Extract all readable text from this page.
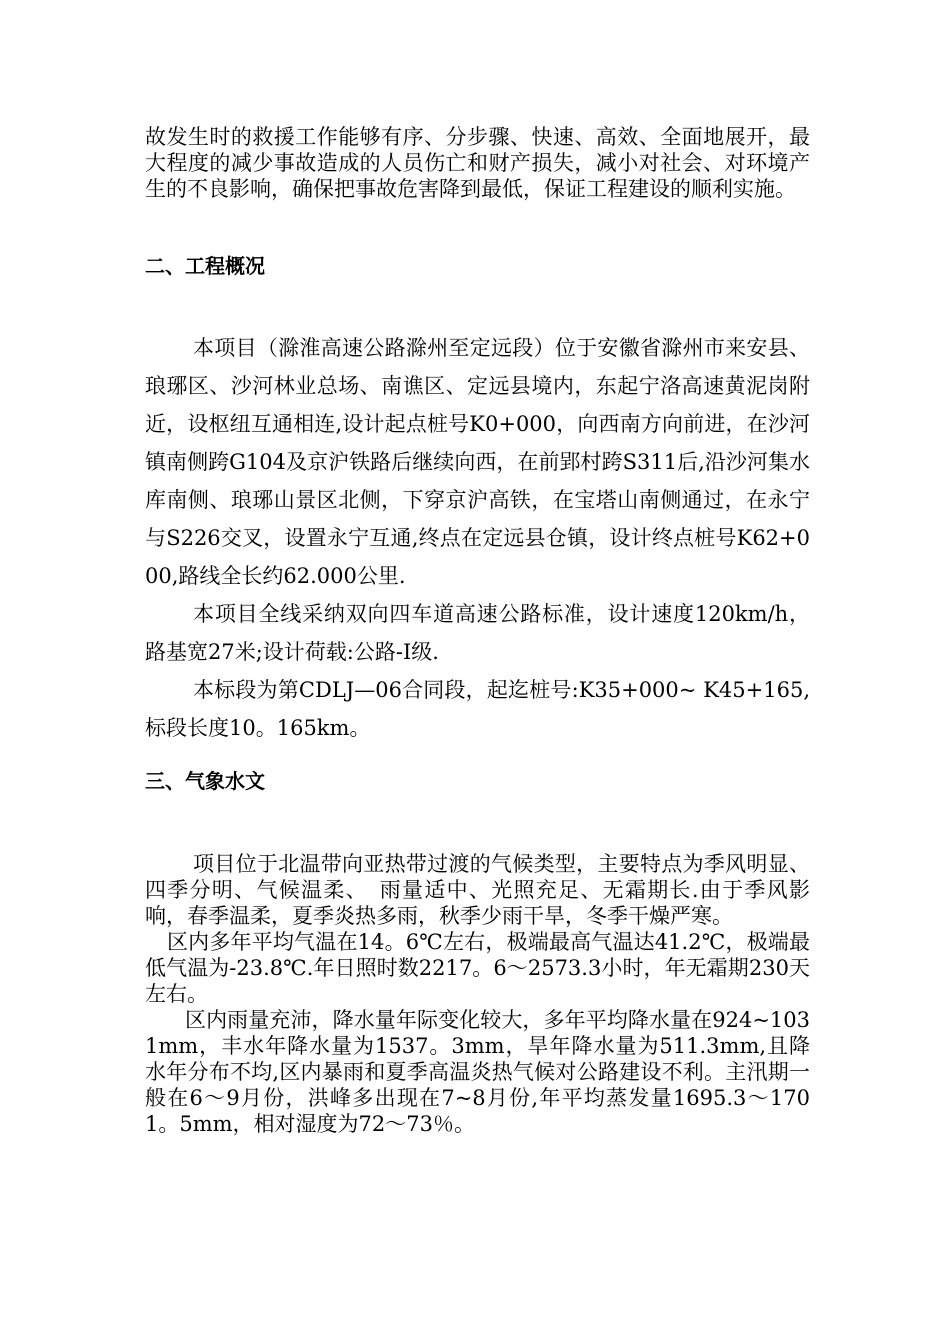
故发生时的救援工作能够有序、分步骤、快速、高效、全面地展开，最大程度的减少事故造成的人员伤亡和财产损失，减小对社会、对环境产生的不良影响，确保把事故危害降到最低，保证工程建设的顺利实施。

二、工程概况

本项目（滁淮高速公路滁州至定远段）位于安徽省滁州市来安县、琅琊区、沙河林业总场、南谯区、定远县境内，东起宁洛高速黄泥岗附近，设枢纽互通相连,设计起点桩号K0+000，向西南方向前进，在沙河镇南侧跨G104及京沪铁路后继续向西，在前郢村跨S311后,沿沙河集水库南侧、琅琊山景区北侧，下穿京沪高铁，在宝塔山南侧通过，在永宁与S226交叉，设置永宁互通,终点在定远县仓镇，设计终点桩号K62+000,路线全长约62.000公里.

本项目全线采纳双向四车道高速公路标准，设计速度120km/h，路基宽27米;设计荷载:公路-I级.

本标段为第CDLJ—06合同段，起迄桩号:K35+000~ K45+165,标段长度10。165km。

三、气象水文

项目位于北温带向亚热带过渡的气候类型，主要特点为季风明显、四季分明、气候温柔、　雨量适中、光照充足、无霜期长.由于季风影响，春季温柔，夏季炎热多雨，秋季少雨干旱，冬季干燥严寒。

区内多年平均气温在14。6℃左右，极端最高气温达41.2℃，极端最低气温为-23.8℃.年日照时数2217。6～2573.3小时，年无霜期230天左右。

区内雨量充沛，降水量年际变化较大，多年平均降水量在924~1031mm，丰水年降水量为1537。3mm，旱年降水量为511.3mm,且降水年分布不均,区内暴雨和夏季高温炎热气候对公路建设不利。主汛期一般在6～9月份，洪峰多出现在7~8月份,年平均蒸发量1695.3～1701。5mm，相对湿度为72～73％。
